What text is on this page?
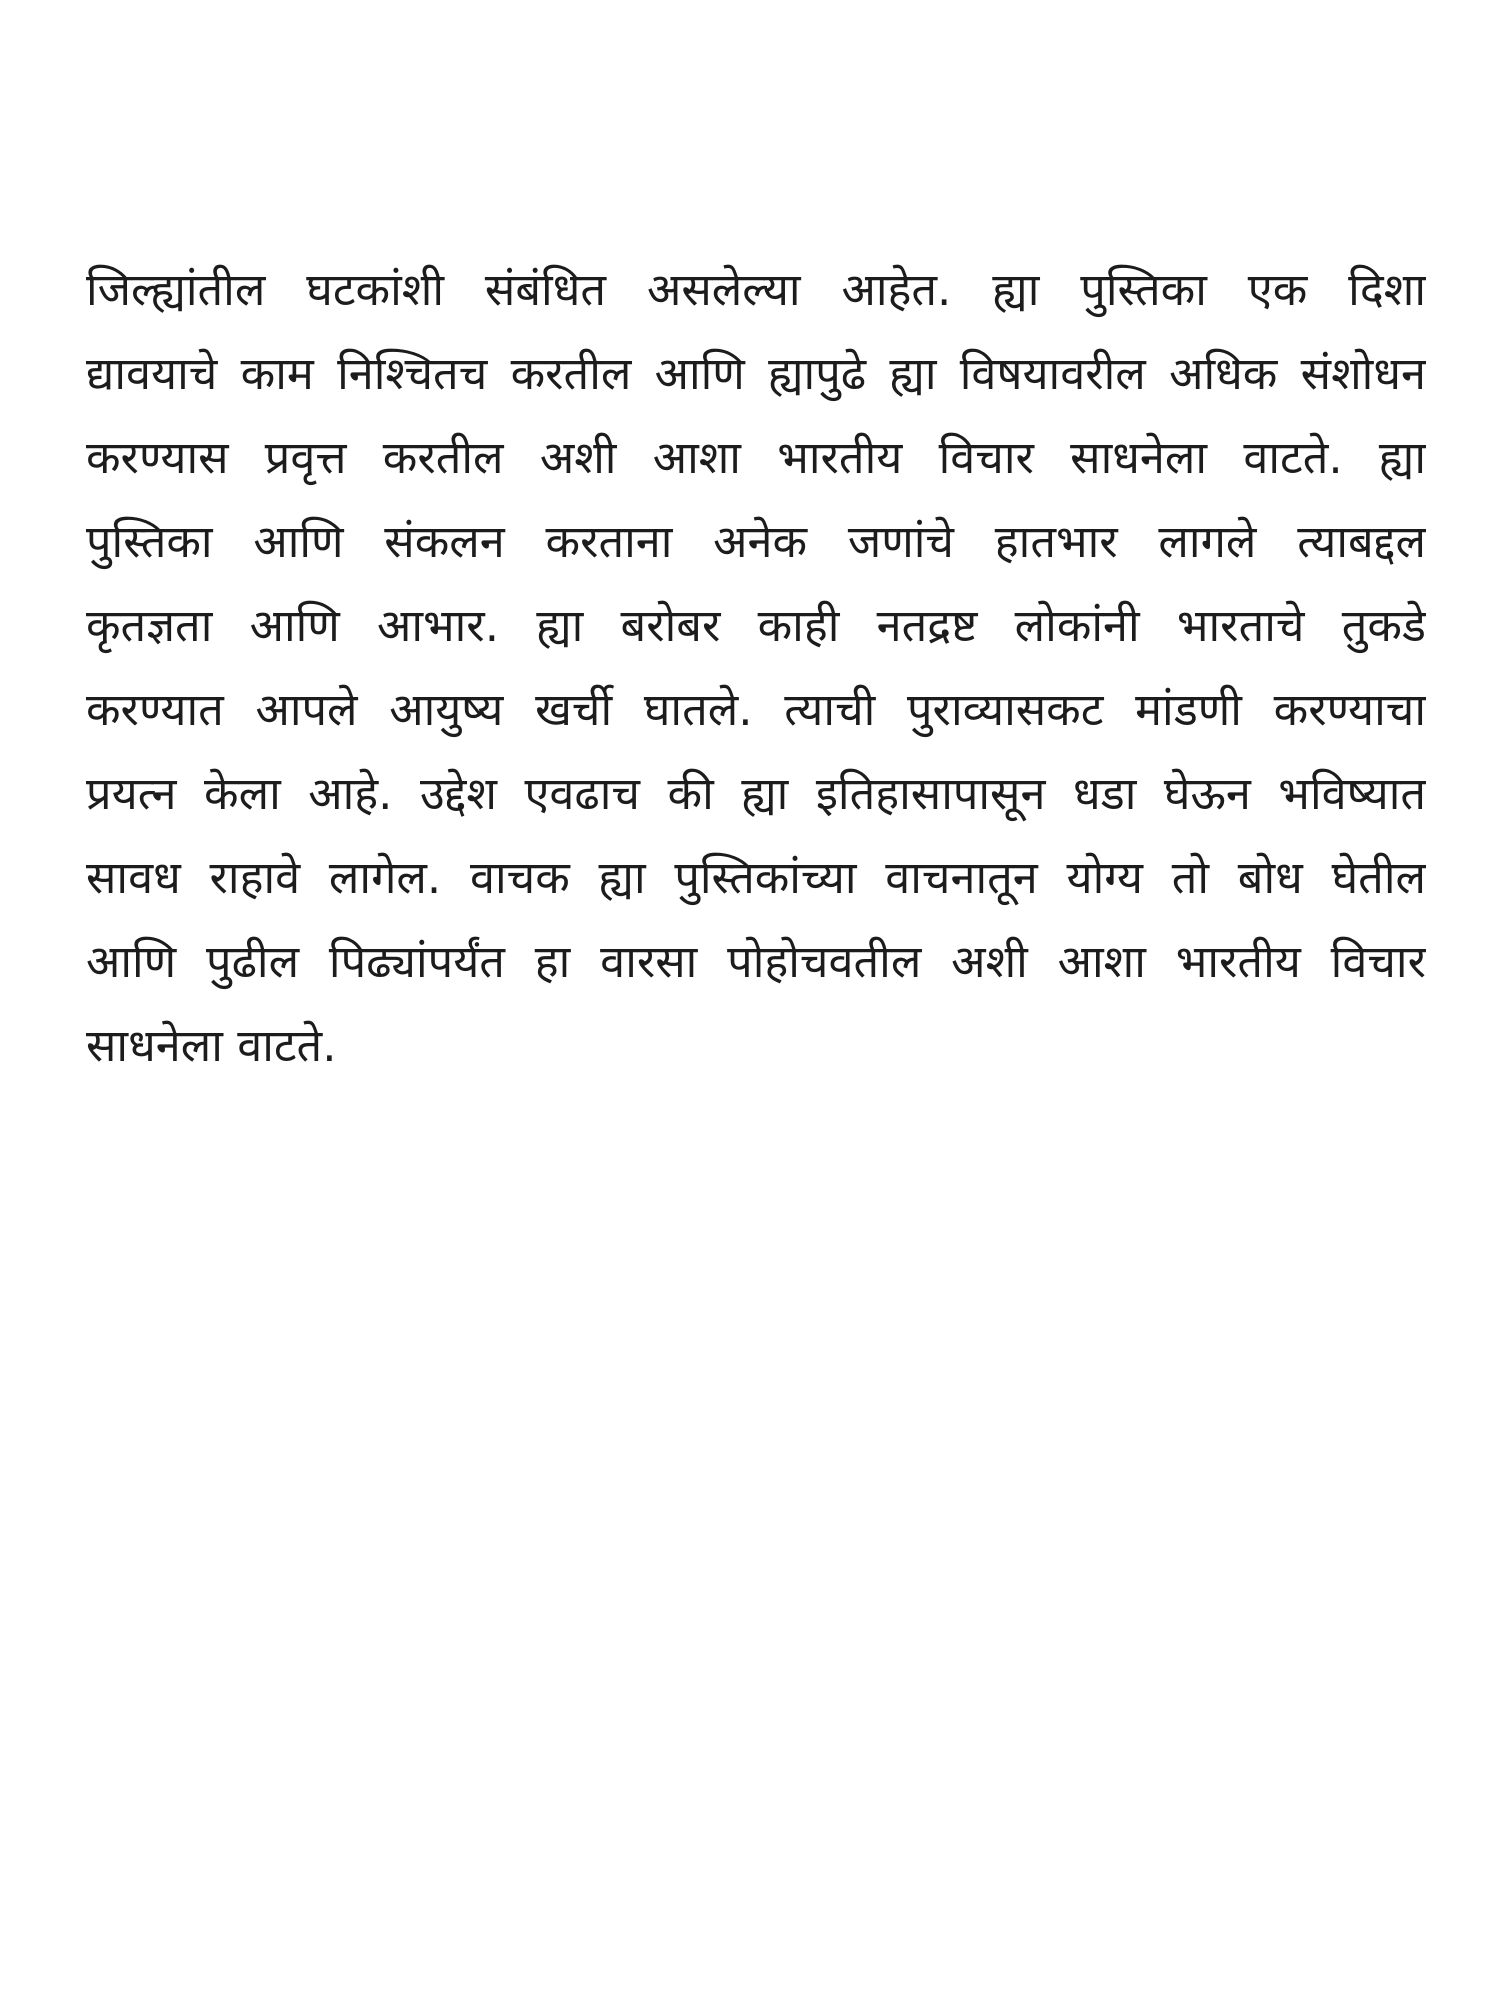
जिल्ह्यांतील घटकांशी संबंधित असलेल्या आहेत. ह्या पुस्तिका एक दिशा
द्यावयाचे काम निश्चितच करतील आणि ह्यापुढे ह्या विषयावरील अधिक संशोधन
करण्यास प्रवृत्त करतील अशी आशा भारतीय विचार साधनेला वाटते. ह्या
पुस्तिका आणि संकलन करताना अनेक जणांचे हातभार लागले त्याबद्दल
कृतज्ञता आणि आभार. ह्या बरोबर काही नतद्रष्ट लोकांनी भारताचे तुकडे
करण्यात आपले आयुष्य खर्ची घातले. त्याची पुराव्यासकट मांडणी करण्याचा
प्रयत्न केला आहे. उद्देश एवढाच की ह्या इतिहासापासून धडा घेऊन भविष्यात
सावध राहावे लागेल. वाचक ह्या पुस्तिकांच्या वाचनातून योग्य तो बोध घेतील
आणि पुढील पिढ्यांपर्यंत हा वारसा पोहोचवतील अशी आशा भारतीय विचार
साधनेला वाटते.
